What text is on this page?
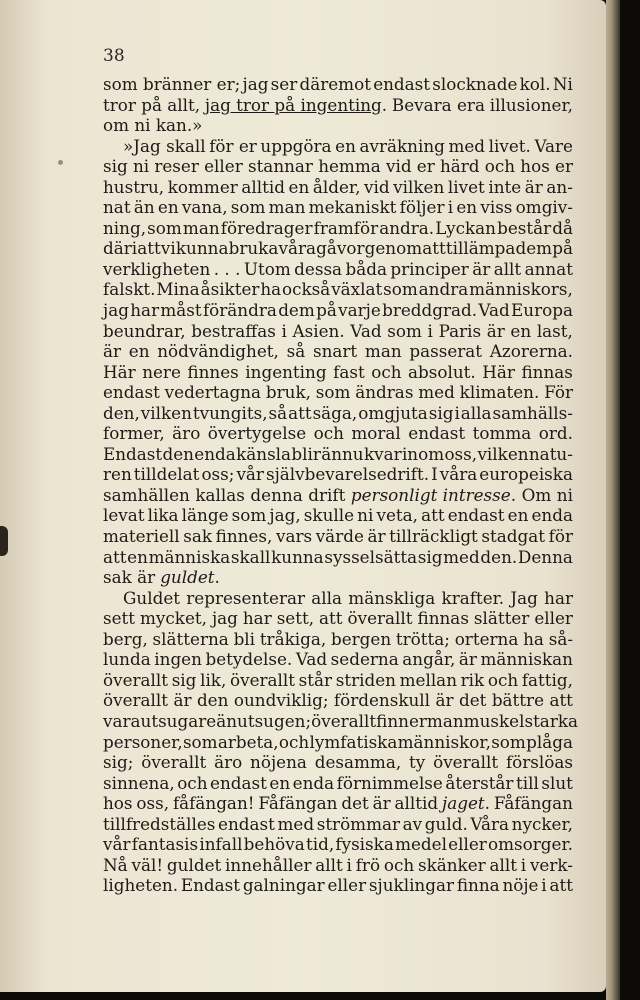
38
som bränner er; jag ser däremot endast slocknade kol. Ni
tror på allt, jag tror på ingenting. Bevara era illusioner,
om ni kan.»
»Jag skall för er uppgöra en avräkning med livet. Vare
sig ni reser eller stannar hemma vid er härd och hos er
hustru, kommer alltid en ålder, vid vilken livet inte är an-
nat än en vana, som man mekaniskt följer i en viss omgiv-
ning, som man föredrager framför andra. Lyckan består då
däri att vi kunna bruka våra gåvor genom att tillämpa dem på
verkligheten . . . Utom dessa båda principer är allt annat
falskt. Mina åsikter ha också växlat som andra människors,
jag har måst förändra dem på varje breddgrad. Vad Europa
beundrar, bestraffas i Asien. Vad som i Paris är en last,
är en nödvändighet, så snart man passerat Azorerna.
Här nere finnes ingenting fast och absolut. Här finnas
endast vedertagna bruk, som ändras med klimaten. För
den, vilken tvungits, så att säga, omgjuta sig i alla samhälls-
former, äro övertygelse och moral endast tomma ord.
Endast den enda känsla blir ännu kvar inom oss, vilken natu-
ren tilldelat oss; vår självbevarelsedrift. I våra europeiska
samhällen kallas denna drift personligt intresse. Om ni
levat lika länge som jag, skulle ni veta, att endast en enda
materiell sak finnes, vars värde är tillräckligt stadgat för
att en människa skall kunna sysselsätta sig med den. Denna
sak är guldet.
Guldet representerar alla mänskliga krafter. Jag har
sett mycket, jag har sett, att överallt finnas slätter eller
berg, slätterna bli tråkiga, bergen trötta; orterna ha så-
lunda ingen betydelse. Vad sederna angår, är människan
överallt sig lik, överallt står striden mellan rik och fattig,
överallt är den oundviklig; fördenskull är det bättre att
vara utsugare än utsugen; överallt finner man muskelstarka
personer, som arbeta, och lymfatiska människor, som plåga
sig; överallt äro nöjena desamma, ty överallt förslöas
sinnena, och endast en enda förnimmelse återstår till slut
hos oss, fåfängan! Fåfängan det är alltid jaget. Fåfängan
tillfredställes endast med strömmar av guld. Våra nycker,
vår fantasis infall behöva tid, fysiska medel eller omsorger.
Nå väl! guldet innehåller allt i frö och skänker allt i verk-
ligheten. Endast galningar eller sjuklingar finna nöje i att
